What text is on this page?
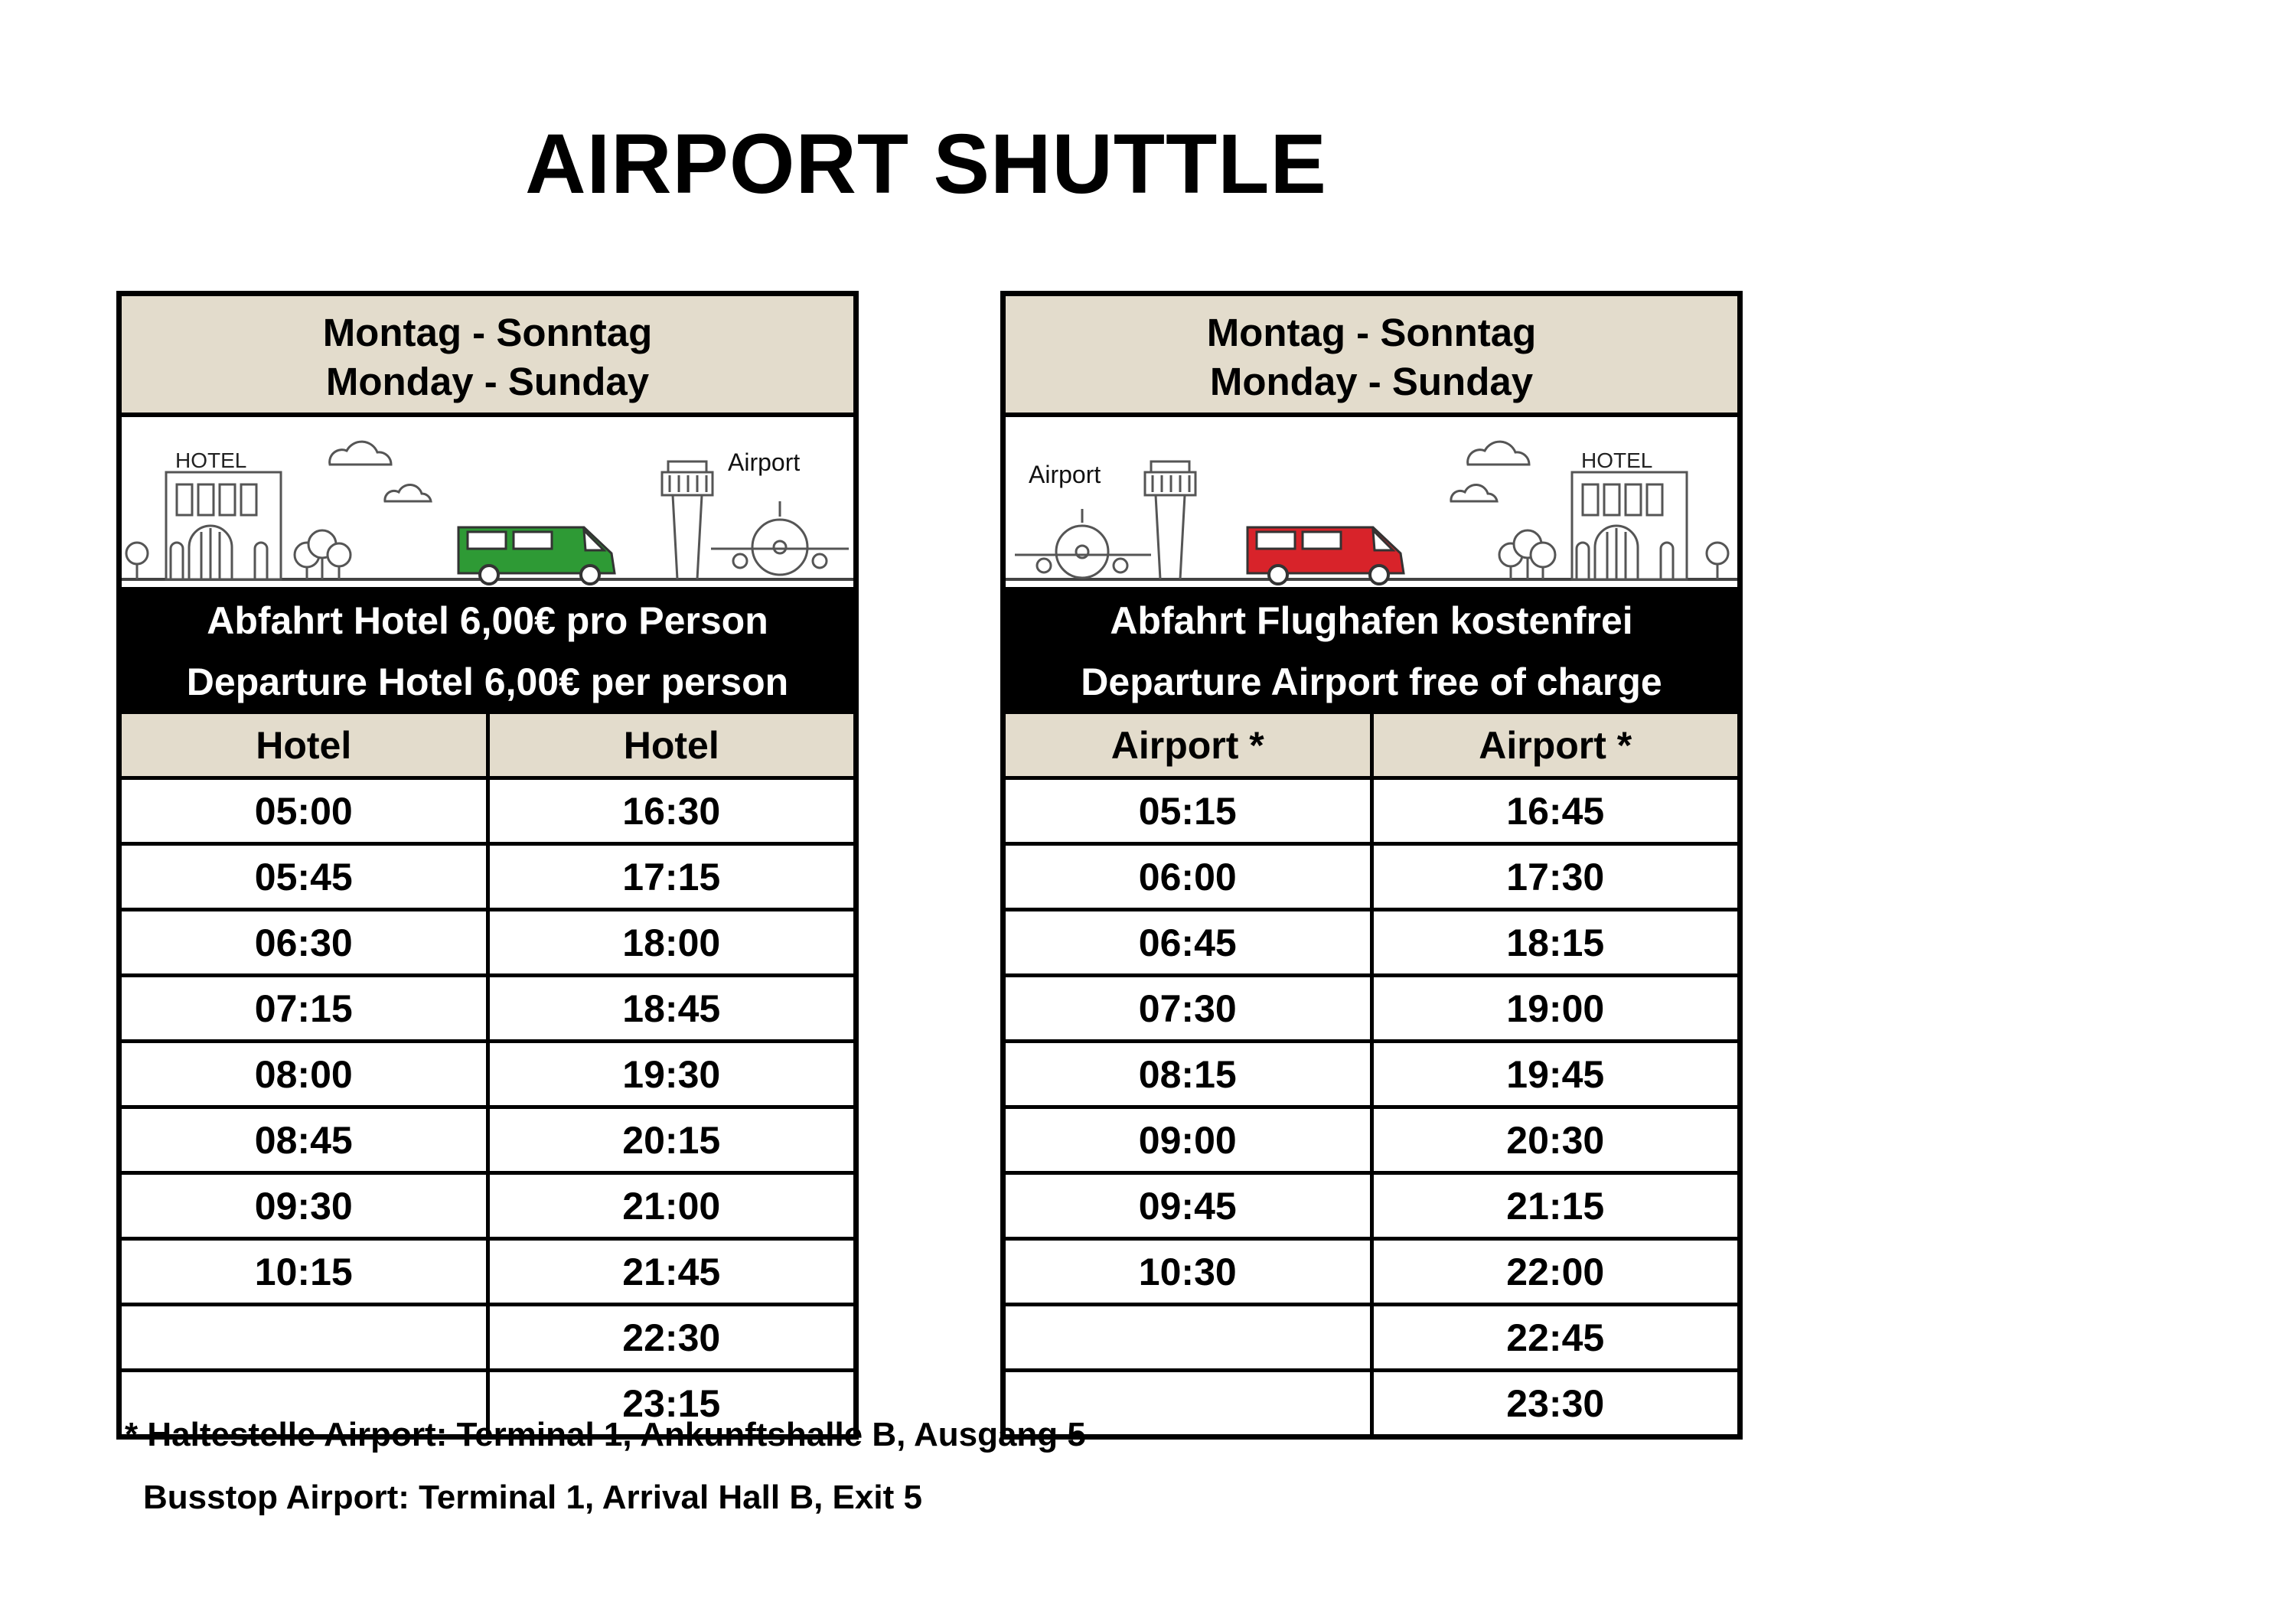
AIRPORT SHUTTLE
Montag - Sonntag
Monday - Sunday
HOTEL	Airport
Abfahrt Hotel 6,00€ pro Person
Departure Hotel 6,00€ per person
Hotel	Hotel
05:00	16:30
05:45	17:15
06:30	18:00
07:15	18:45
08:00	19:30
08:45	20:15
09:30	21:00
10:15	21:45
	22:30
	23:15
Montag - Sonntag
Monday - Sunday
HOTEL
Airport
Abfahrt Flughafen kostenfrei
Departure Airport free of charge
Airport *	Airport *
05:15	16:45
06:00	17:30
06:45	18:15
07:30	19:00
08:15	19:45
09:00	20:30
09:45	21:15
10:30	22:00
	22:45
	23:30
* Haltestelle Airport: Terminal 1, Ankunftshalle B, Ausgang 5
Busstop Airport: Terminal 1, Arrival Hall B, Exit 5
